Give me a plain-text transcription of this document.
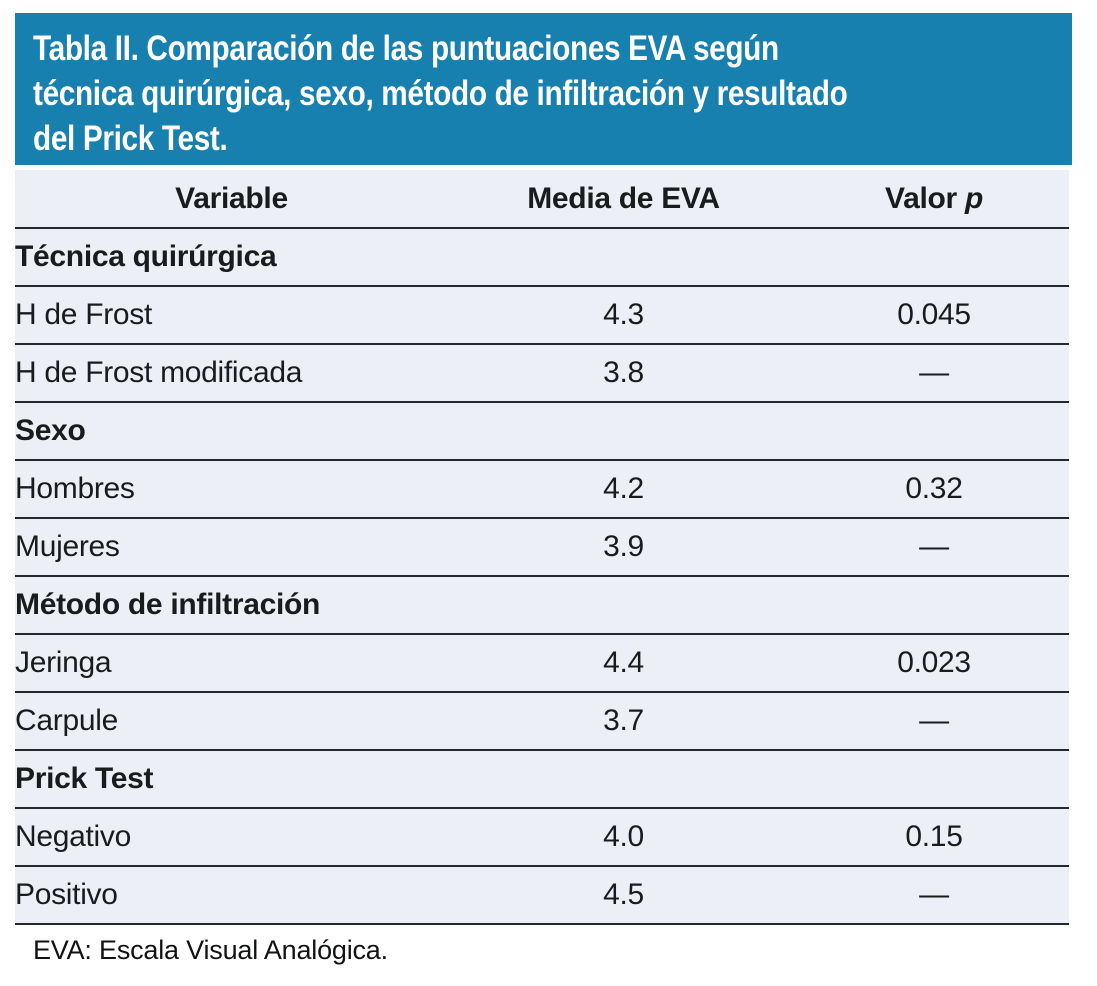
Tabla II. Comparación de las puntuaciones EVA según
técnica quirúrgica, sexo, método de infiltración y resultado
del Prick Test.
Variable	Media de EVA	Valor p
Técnica quirúrgica		
H de Frost	4.3	0.045
H de Frost modificada	3.8	—
Sexo		
Hombres	4.2	0.32
Mujeres	3.9	—
Método de infiltración		
Jeringa	4.4	0.023
Carpule	3.7	—
Prick Test		
Negativo	4.0	0.15
Positivo	4.5	—
EVA: Escala Visual Analógica.
